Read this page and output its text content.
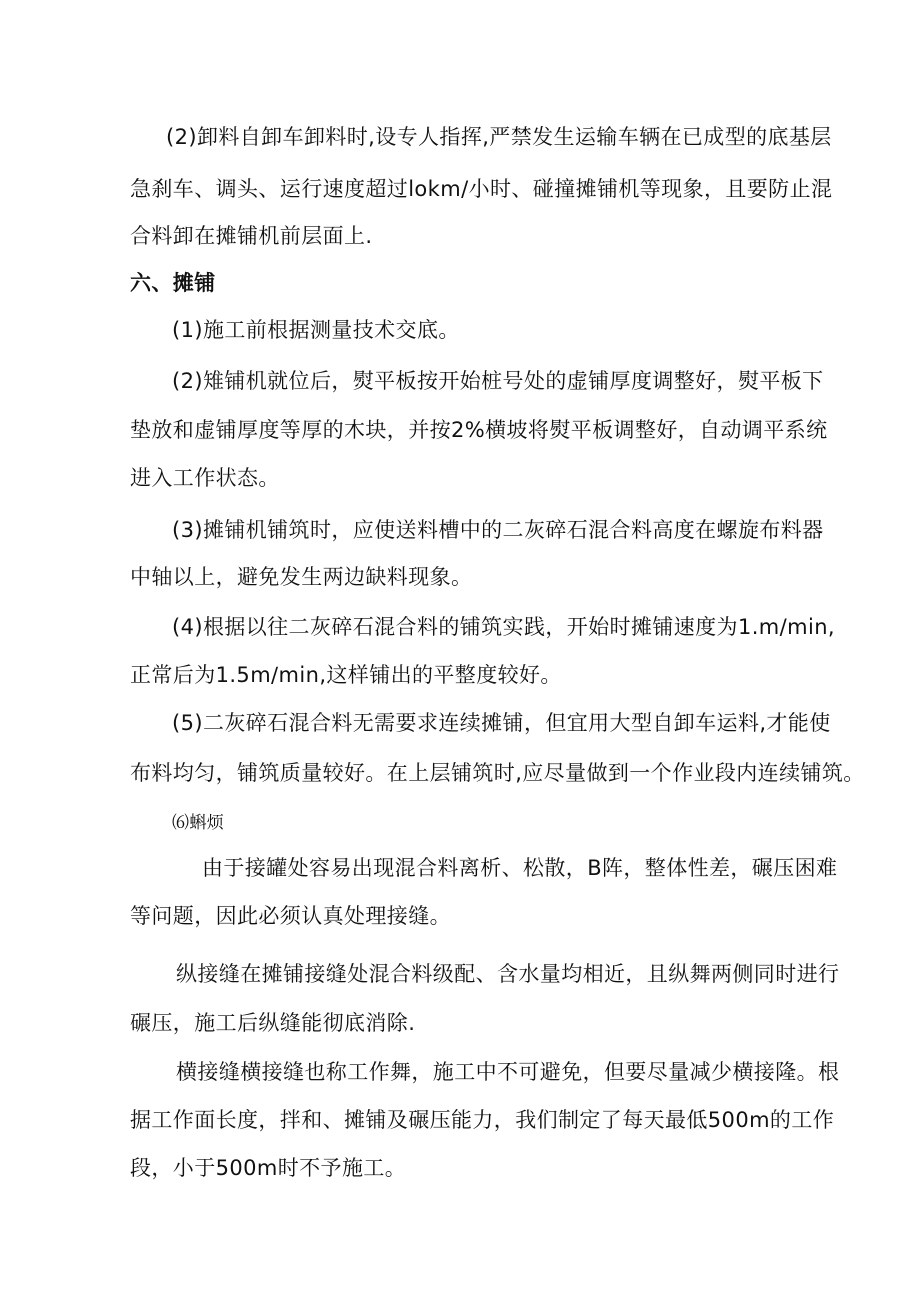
(2)卸料自卸车卸料时,设专人指挥,严禁发生运输车辆在已成型的底基层
急刹车、调头、运行速度超过lokm/小时、碰撞摊铺机等现象，且要防止混
合料卸在摊铺机前层面上.
六、摊铺
(1)施工前根据测量技术交底。
(2)雉铺机就位后，熨平板按开始桩号处的虚铺厚度调整好，熨平板下
垫放和虚铺厚度等厚的木块，并按2%横坡将熨平板调整好，自动调平系统
进入工作状态。
(3)摊铺机铺筑时，应使送料槽中的二灰碎石混合料高度在螺旋布料器
中轴以上，避免发生两边缺料现象。
(4)根据以往二灰碎石混合料的铺筑实践，开始时摊铺速度为1.m/min,
正常后为1.5m∕min,这样铺出的平整度较好。
(5)二灰碎石混合料无需要求连续摊铺，但宜用大型自卸车运料,才能使
布料均匀，铺筑质量较好。在上层铺筑时,应尽量做到一个作业段内连续铺筑。
⑹蝌烦
由于接罐处容易出现混合料离析、松散，B阵，整体性差，碾压困难
等问题，因此必须认真处理接缝。
纵接缝在摊铺接缝处混合料级配、含水量均相近，且纵舞两侧同时进行
碾压，施工后纵缝能彻底消除.
横接缝横接缝也称工作舞，施工中不可避免，但要尽量减少横接隆。根
据工作面长度，拌和、摊铺及碾压能力，我们制定了每天最低500m的工作
段，小于500m时不予施工。
